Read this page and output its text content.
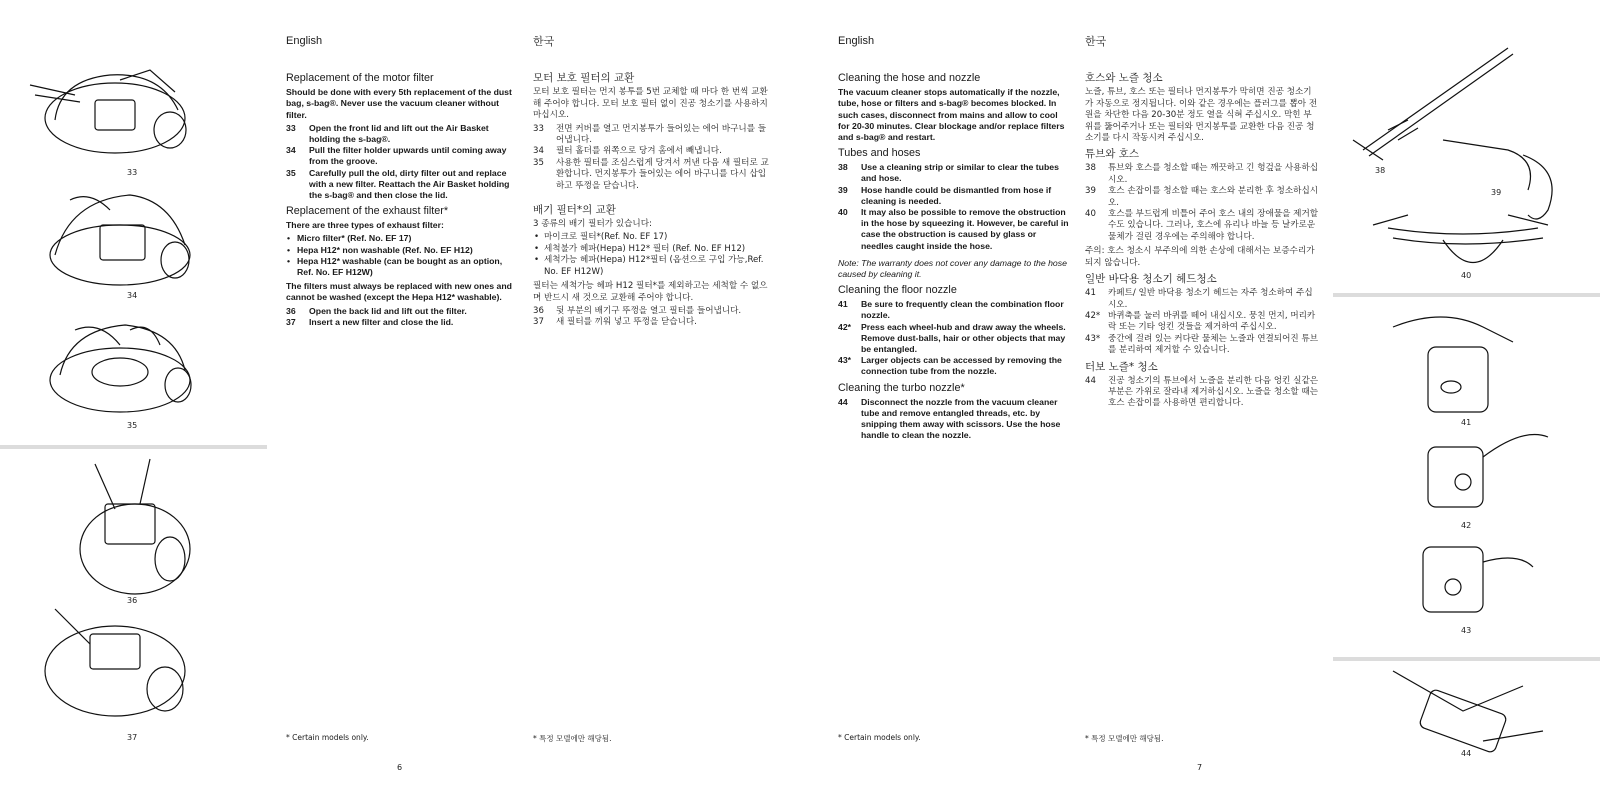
33
34
35
36
37
English
Replacement of the motor filter

Should be done with every 5th replacement of the dust bag, s-bag®. Never use the vacuum cleaner without filter.

33 Open the front lid and lift out the Air Basket holding the s-bag®.
34 Pull the filter holder upwards until coming away from the groove.
35 Carefully pull the old, dirty filter out and replace with a new filter. Reattach the Air Basket holding the s-bag® and then close the lid.
Replacement of the exhaust filter*

There are three types of exhaust filter:

• Micro filter* (Ref. No. EF 17)
• Hepa H12* non washable (Ref. No. EF H12)
• Hepa H12* washable (can be bought as an option, Ref. No. EF H12W)

The filters must always be replaced with new ones and cannot be washed (except the Hepa H12* washable).

36 Open the back lid and lift out the filter.
37 Insert a new filter and close the lid.
한국
모터 보호 필터의 교환

모터 보호 필터는 먼지 봉투를 5번 교체할 때 마다 한 번씩 교환해 주어야 합니다. 모터 보호 필터 없이 진공 청소기를 사용하지 마십시오.

33 전면 커버를 열고 먼지봉투가 들어있는 에어 바구니를 들어냅니다.
34 필터 홀더를 위쪽으로 당겨 홈에서 빼냅니다.
35 사용한 필터를 조심스럽게 당겨서 꺼낸 다음 새 필터로 교환합니다. 먼지봉투가 들어있는 에어 바구니를 다시 삽입하고 뚜껑을 닫습니다.
배기 필터*의 교환

3 종류의 배기 필터가 있습니다:

• 마이크로 필터*(Ref. No. EF 17)
• 세척불가 헤파(Hepa) H12* 필터 (Ref. No. EF H12)
• 세척가능 헤파(Hepa) H12*필터 (옵션으로 구입 가능,Ref. No. EF H12W)

필터는 세척가능 헤파 H12 필터*를 제외하고는 세척할 수 없으며 반드시 새 것으로 교환해 주어야 합니다.

36 뒷 부분의 배기구 뚜껑을 열고 필터를 들어냅니다.
37 새 필터를 끼워 넣고 뚜껑을 닫습니다.
English
Cleaning the hose and nozzle

The vacuum cleaner stops automatically if the nozzle, tube, hose or filters and s-bag® becomes blocked. In such cases, disconnect from mains and allow to cool for 20-30 minutes. Clear blockage and/or replace filters and s-bag® and restart.

Tubes and hoses
38 Use a cleaning strip or similar to clear the tubes and hose.
39 Hose handle could be dismantled from hose if cleaning is needed.
40 It may also be possible to remove the obstruction in the hose by squeezing it. However, be careful in case the obstruction is caused by glass or needles caught inside the hose.

Note: The warranty does not cover any damage to the hose caused by cleaning it.

Cleaning the floor nozzle
41 Be sure to frequently clean the combination floor nozzle.
42* Press each wheel-hub and draw away the wheels. Remove dust-balls, hair or other objects that may be entangled.
43* Larger objects can be accessed by removing the connection tube from the nozzle.
Cleaning the turbo nozzle*
44 Disconnect the nozzle from the vacuum cleaner tube and remove entangled threads, etc. by snipping them away with scissors. Use the hose handle to clean the nozzle.
한국
호스와 노즐 청소

노즐, 튜브, 호스 또는 필터나 먼지봉투가 막히면 진공 청소기가 자동으로 정지됩니다. 이와 같은 경우에는 플러그를 뽑아 전원을 차단한 다음 20-30분 정도 열을 식혀 주십시오. 막힌 부위를 뚫어주거나 또는 필터와 먼지봉투를 교환한 다음 진공 청소기를 다시 작동시켜 주십시오.

튜브와 호스
38 튜브와 호스를 청소할 때는 깨끗하고 긴 헝겊을 사용하십시오.
39 호스 손잡이를 청소할 때는 호스와 분리한 후 청소하십시오.
40 호스를 부드럽게 비틀어 주어 호스 내의 장애물을 제거할 수도 있습니다. 그러나, 호스에 유리나 바늘 등 날카로운 물체가 걸린 경우에는 주의해야 합니다.

주의: 호스 청소시 부주의에 의한 손상에 대해서는 보증수리가 되지 않습니다.

일반 바닥용 청소기 헤드청소
41 카페트/ 일반 바닥용 청소기 헤드는 자주 청소하여 주십시오.
42* 바퀴축를 눌러 바퀴를 떼어 내십시오. 뭉친 먼지, 머리카락 또는 기타 엉킨 것들을 제거하여 주십시오.
43* 중간에 걸려 있는 커다란 물체는 노즐과 연결되어진 튜브를 분리하여 제거할 수 있습니다.
터보 노즐* 청소
44 진공 청소기의 튜브에서 노즐을 분리한 다음 엉킨 실같은 부분은 가위로 잘라내 제거하십시오. 노즐을 청소할 때는 호스 손잡이를 사용하면 편리합니다.
* Certain models only.	* 특정 모델에만 해당됨.	* Certain models only.	* 특정 모델에만 해당됨.
6	7
38
39
40
41
42
43
44
